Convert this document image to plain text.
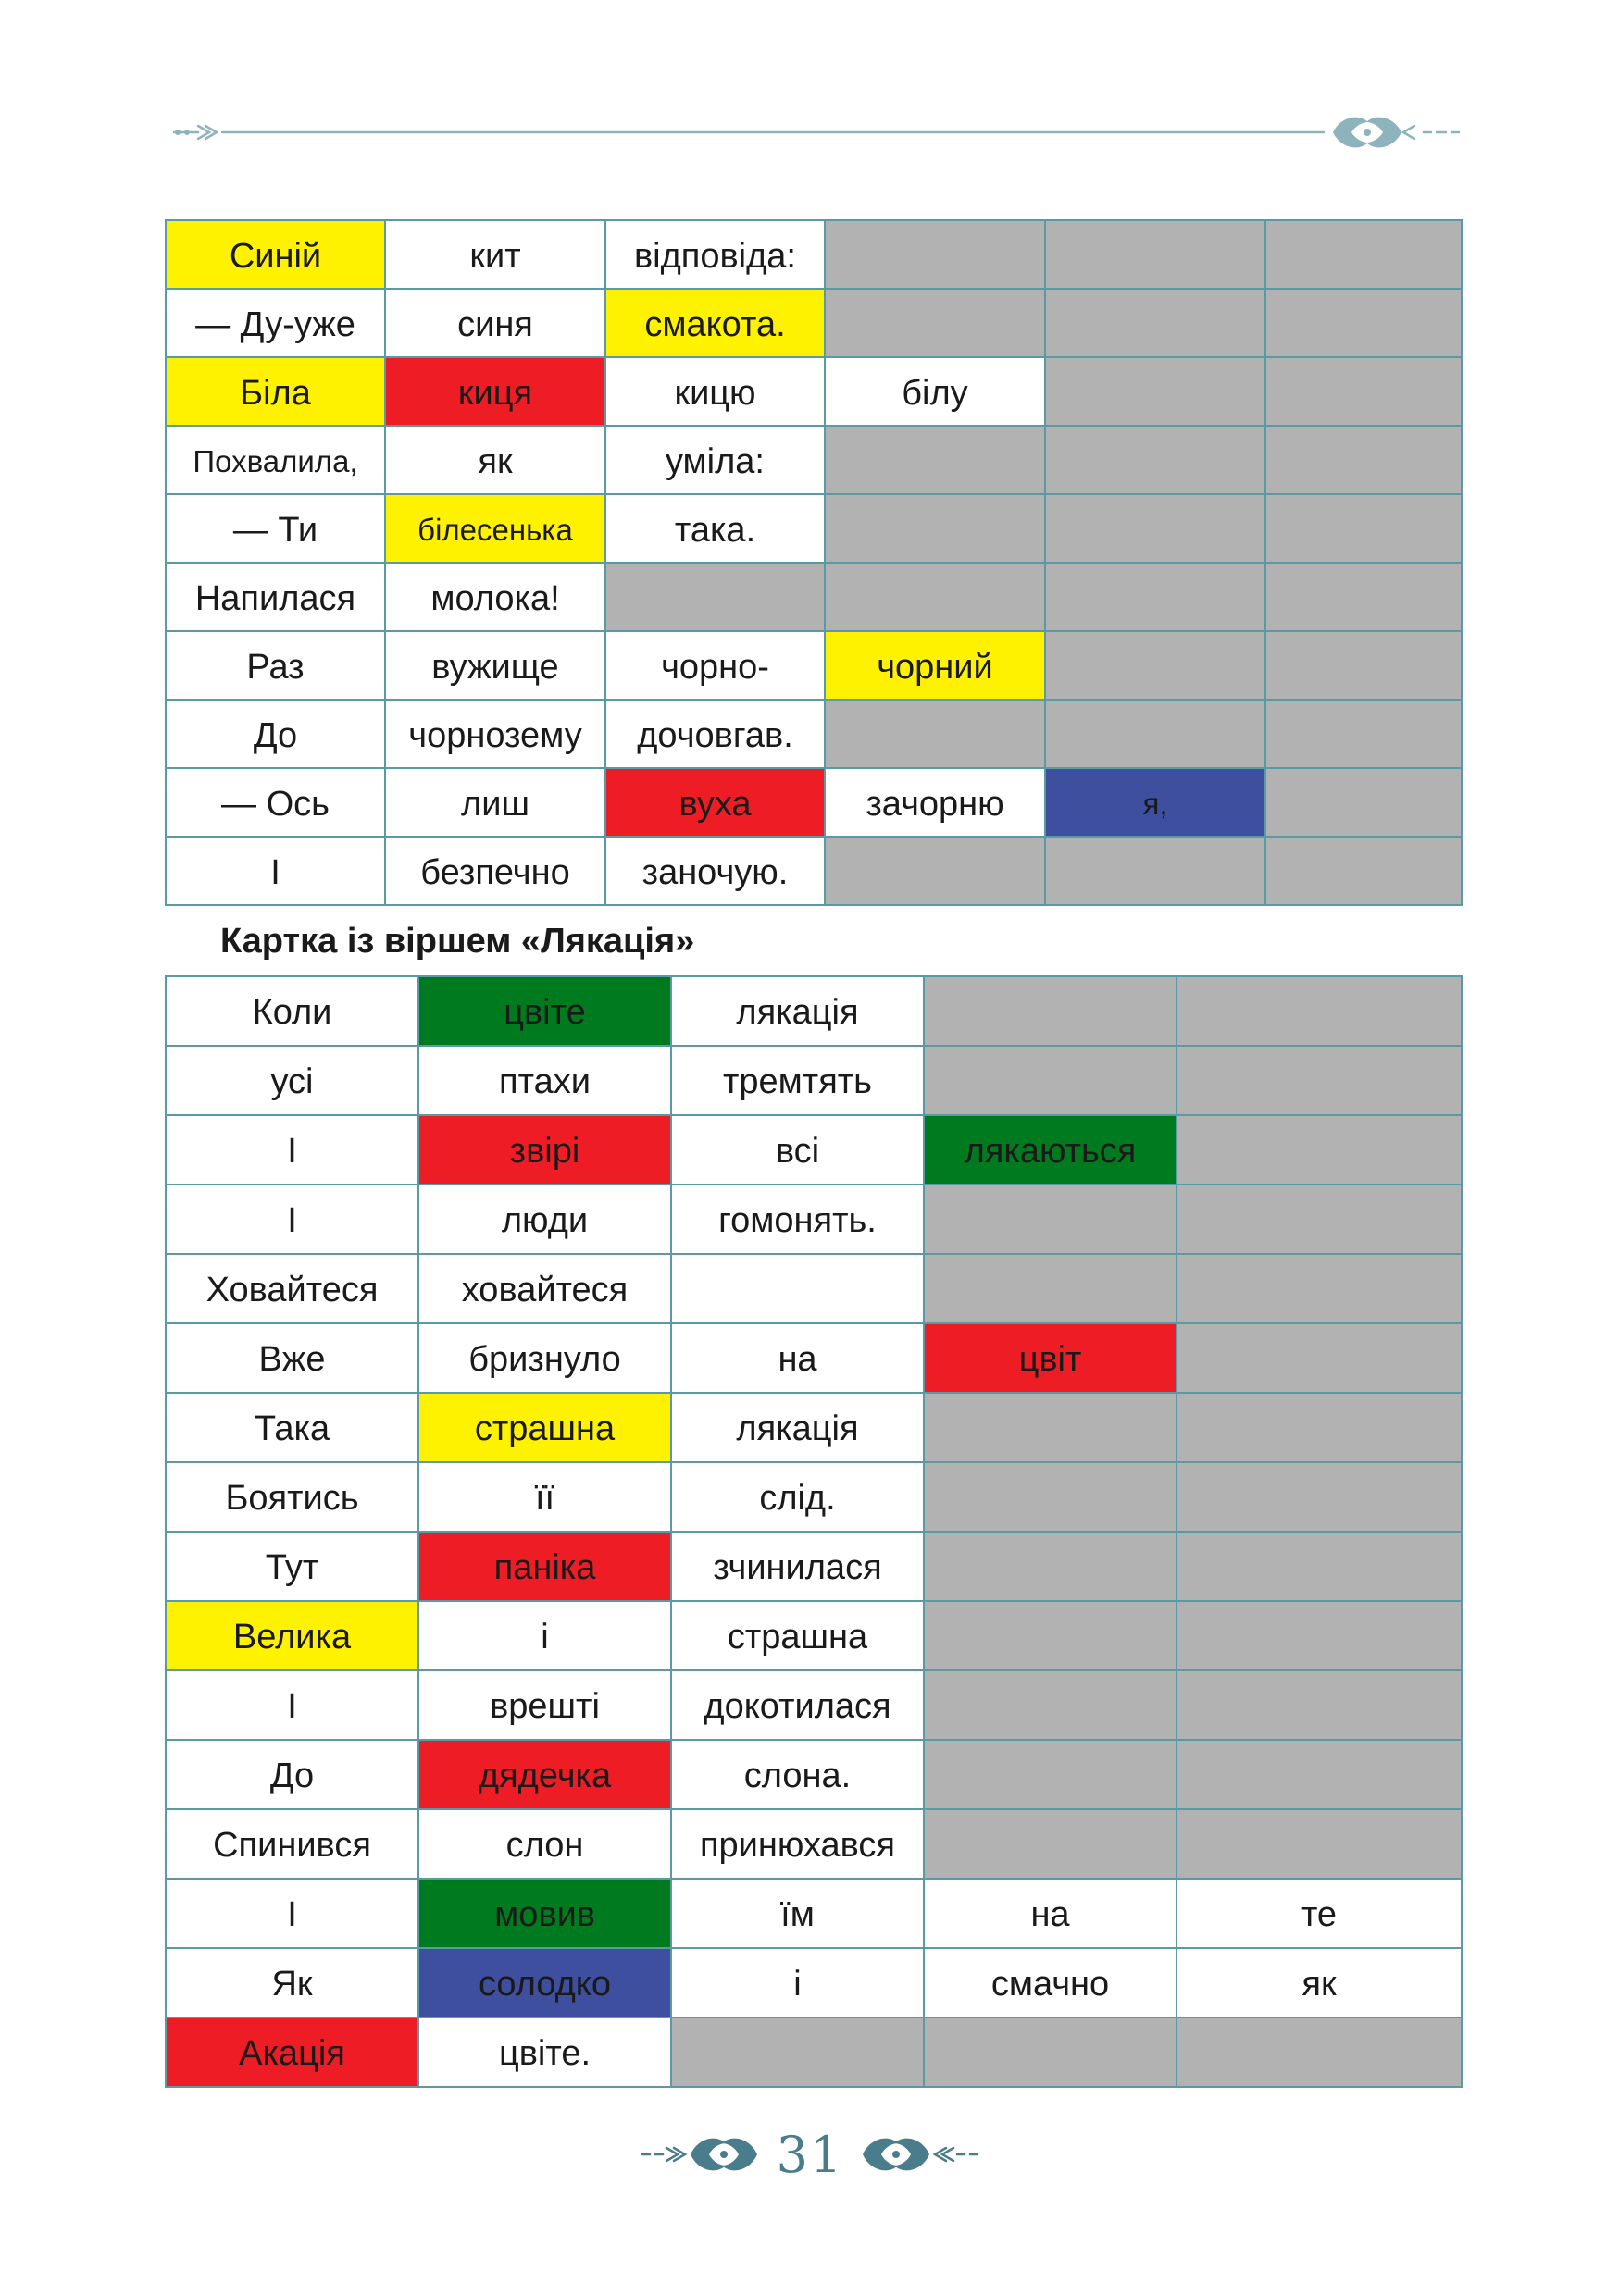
Синій	кит	відповіда:			
— Ду-уже	синя	смакота.			
Біла	киця	кицю	білу		
Похвалила,	як	уміла:			
— Ти	білесенька	така.			
Напилася	молока!				
Раз	вужище	чорно-	чорний		
До	чорнозему	дочовгав.			
— Ось	лиш	вуха	зачорню	я,	
І	безпечно	заночую.			
Картка із віршем «Лякація»
Коли	цвіте	лякація		
усі	птахи	тремтять		
І	звірі	всі	лякаються	
І	люди	гомонять.		
Ховайтеся	ховайтеся			
Вже	бризнуло	на	цвіт	
Така	страшна	лякація		
Боятись	її	слід.		
Тут	паніка	зчинилася		
Велика	і	страшна		
І	врешті	докотилася		
До	дядечка	слона.		
Спинився	слон	принюхався		
І	мовив	їм	на	те
Як	солодко	і	смачно	як
Акація	цвіте.			
31
